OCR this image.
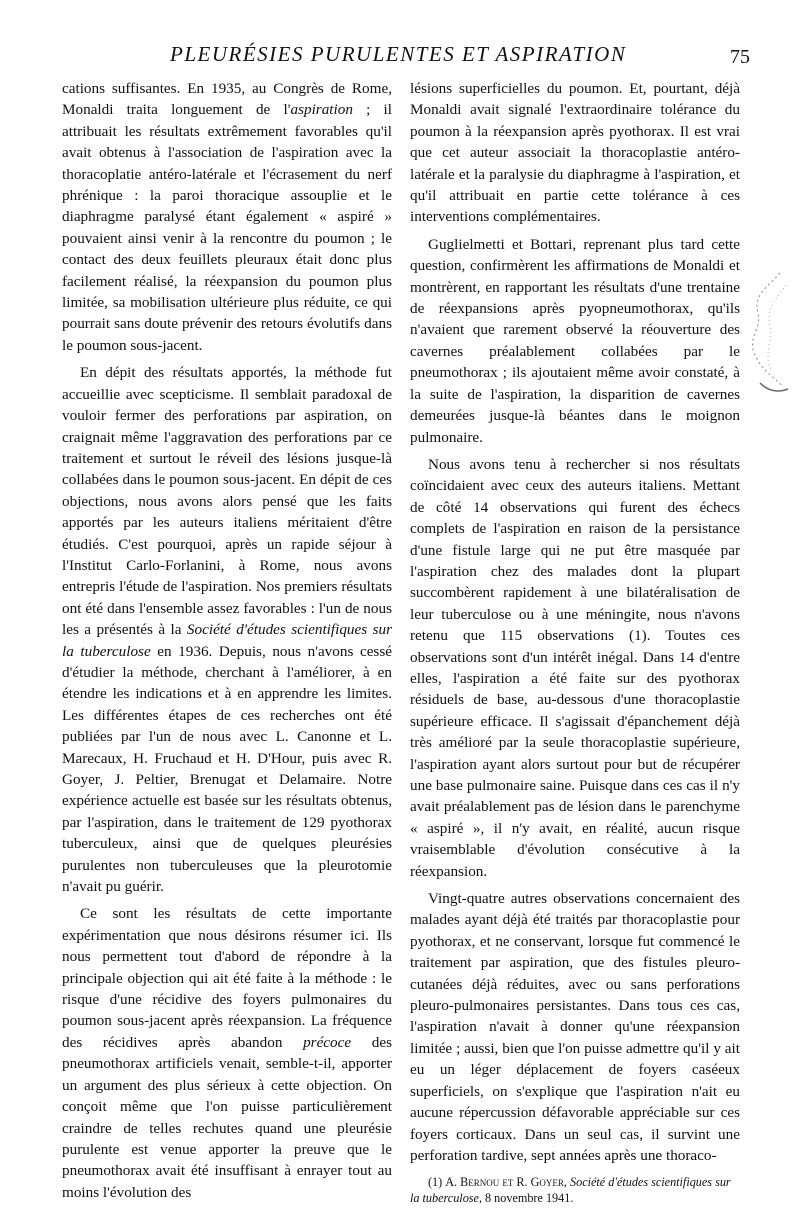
PLEURÉSIES PURULENTES ET ASPIRATION	75

cations suffisantes. En 1935, au Congrès de Rome, Monaldi traita longuement de l'aspiration ; il attribuait les résultats extrêmement favorables qu'il avait obtenus à l'association de l'aspiration avec la thoracoplatie antéro-latérale et l'écrasement du nerf phrénique : la paroi thoracique assouplie et le diaphragme paralysé étant également « aspiré » pouvaient ainsi venir à la rencontre du poumon ; le contact des deux feuillets pleuraux était donc plus facilement réalisé, la réexpansion du poumon plus limitée, sa mobilisation ultérieure plus réduite, ce qui pourrait sans doute prévenir des retours évolutifs dans le poumon sous-jacent.

En dépit des résultats apportés, la méthode fut accueillie avec scepticisme. Il semblait paradoxal de vouloir fermer des perforations par aspiration, on craignait même l'aggravation des perforations par ce traitement et surtout le réveil des lésions jusque-là collabées dans le poumon sous-jacent. En dépit de ces objections, nous avons alors pensé que les faits apportés par les auteurs italiens méritaient d'être étudiés. C'est pourquoi, après un rapide séjour à l'Institut Carlo-Forlanini, à Rome, nous avons entrepris l'étude de l'aspiration. Nos premiers résultats ont été dans l'ensemble assez favorables : l'un de nous les a présentés à la Société d'études scientifiques sur la tuberculose en 1936. Depuis, nous n'avons cessé d'étudier la méthode, cherchant à l'améliorer, à en étendre les indications et à en apprendre les limites. Les différentes étapes de ces recherches ont été publiées par l'un de nous avec L. Canonne et L. Marecaux, H. Fruchaud et H. D'Hour, puis avec R. Goyer, J. Peltier, Brenugat et Delamaire. Notre expérience actuelle est basée sur les résultats obtenus, par l'aspiration, dans le traitement de 129 pyothorax tuberculeux, ainsi que de quelques pleurésies purulentes non tuberculeuses que la pleurotomie n'avait pu guérir.

Ce sont les résultats de cette importante expérimentation que nous désirons résumer ici. Ils nous permettent tout d'abord de répondre à la principale objection qui ait été faite à la méthode : le risque d'une récidive des foyers pulmonaires du poumon sous-jacent après réexpansion. La fréquence des récidives après abandon précoce des pneumothorax artificiels venait, semble-t-il, apporter un argument des plus sérieux à cette objection. On conçoit même que l'on puisse particulièrement craindre de telles rechutes quand une pleurésie purulente est venue apporter la preuve que le pneumothorax avait été insuffisant à enrayer tout au moins l'évolution des

lésions superficielles du poumon. Et, pourtant, déjà Monaldi avait signalé l'extraordinaire tolérance du poumon à la réexpansion après pyothorax. Il est vrai que cet auteur associait la thoracoplastie antéro-latérale et la paralysie du diaphragme à l'aspiration, et qu'il attribuait en partie cette tolérance à ces interventions complémentaires.

Guglielmetti et Bottari, reprenant plus tard cette question, confirmèrent les affirmations de Monaldi et montrèrent, en rapportant les résultats d'une trentaine de réexpansions après pyopneumothorax, qu'ils n'avaient que rarement observé la réouverture des cavernes préalablement collabées par le pneumothorax ; ils ajoutaient même avoir constaté, à la suite de l'aspiration, la disparition de cavernes demeurées jusque-là béantes dans le moignon pulmonaire.

Nous avons tenu à rechercher si nos résultats coïncidaient avec ceux des auteurs italiens. Mettant de côté 14 observations qui furent des échecs complets de l'aspiration en raison de la persistance d'une fistule large qui ne put être masquée par l'aspiration chez des malades dont la plupart succombèrent rapidement à une bilatéralisation de leur tuberculose ou à une méningite, nous n'avons retenu que 115 observations (1). Toutes ces observations sont d'un intérêt inégal. Dans 14 d'entre elles, l'aspiration a été faite sur des pyothorax résiduels de base, au-dessous d'une thoracoplastie supérieure efficace. Il s'agissait d'épanchement déjà très amélioré par la seule thoracoplastie supérieure, l'aspiration ayant alors surtout pour but de récupérer une base pulmonaire saine. Puisque dans ces cas il n'y avait préalablement pas de lésion dans le parenchyme « aspiré », il n'y avait, en réalité, aucun risque vraisemblable d'évolution consécutive à la réexpansion.

Vingt-quatre autres observations concernaient des malades ayant déjà été traités par thoracoplastie pour pyothorax, et ne conservant, lorsque fut commencé le traitement par aspiration, que des fistules pleuro-cutanées déjà réduites, avec ou sans perforations pleuro-pulmonaires persistantes. Dans tous ces cas, l'aspiration n'avait à donner qu'une réexpansion limitée ; aussi, bien que l'on puisse admettre qu'il y ait eu un léger déplacement de foyers caséeux superficiels, on s'explique que l'aspiration n'ait eu aucune répercussion défavorable appréciable sur ces foyers corticaux. Dans un seul cas, il survint une perforation tardive, sept années après une thoraco-

(1) A. Bernou et R. Goyer, Société d'études scientifiques sur la tuberculose, 8 novembre 1941.
